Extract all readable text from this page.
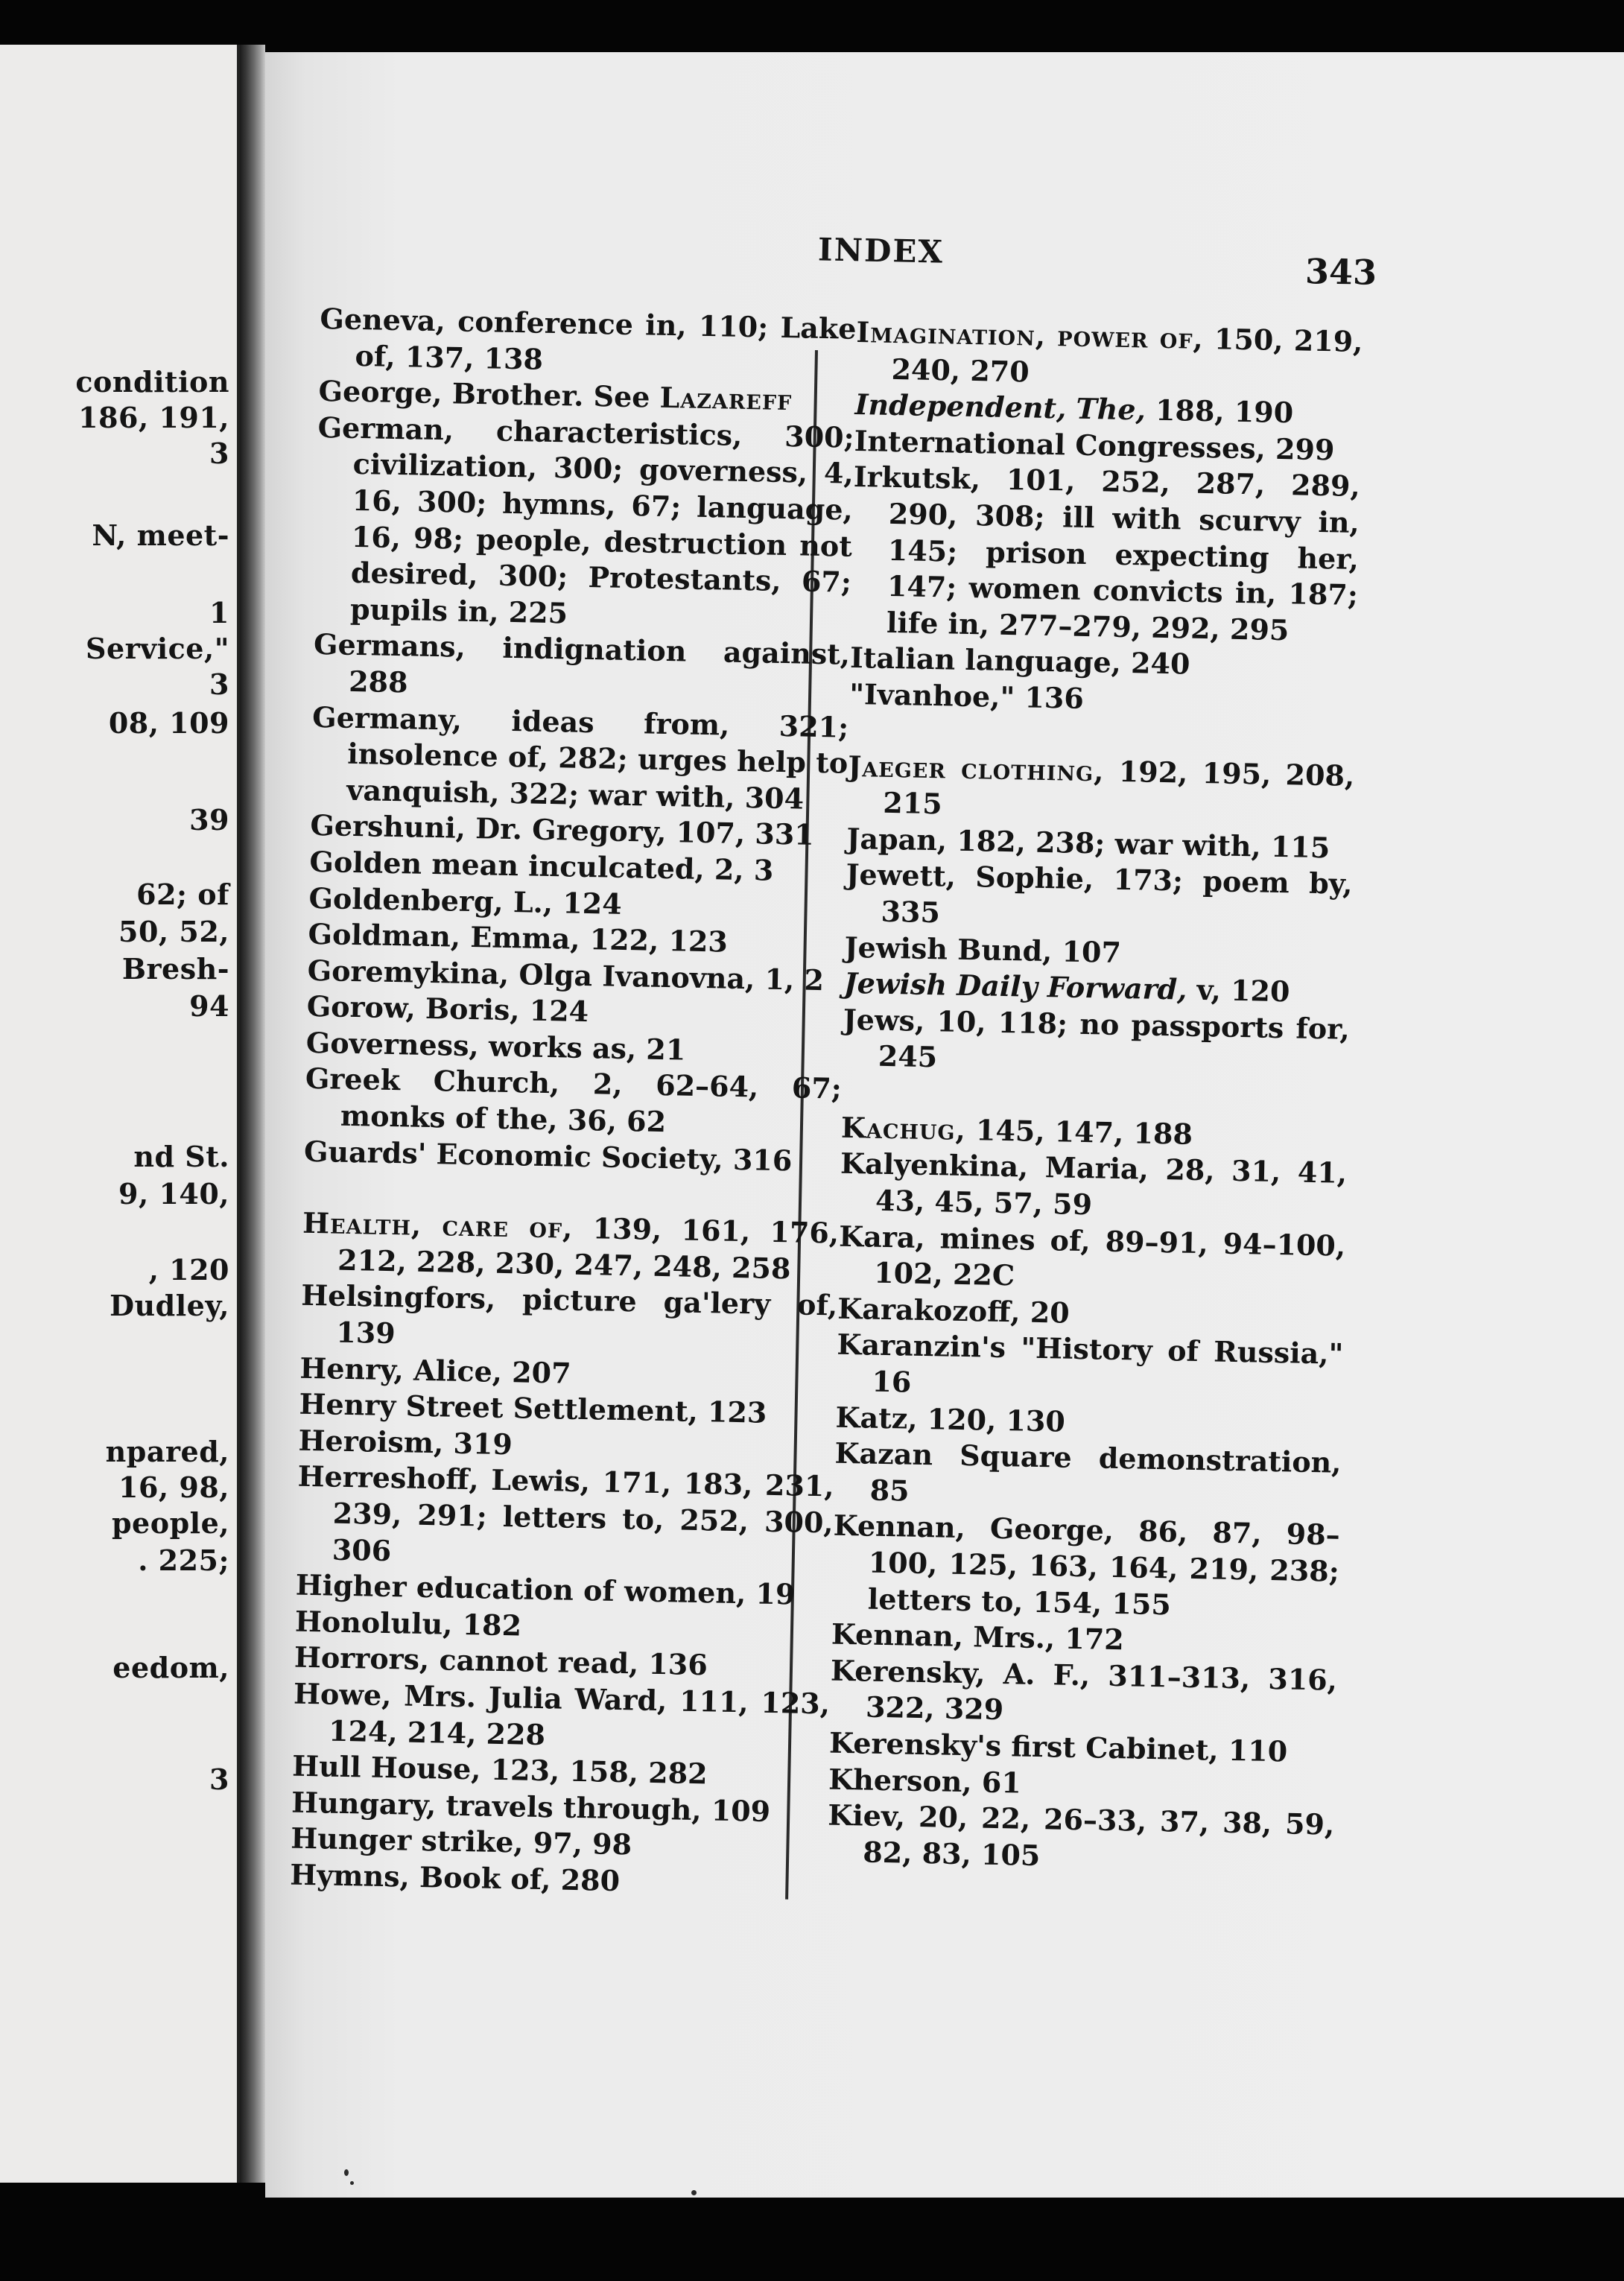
condition
186, 191,
3
N, meet-
1
Service,"
3
08, 109
39
62; of
50, 52,
Bresh-
94
nd St.
9, 140,
, 120
Dudley,
npared,
16, 98,
people,
. 225;
eedom,
3
INDEX
343

Geneva, conference in, 110; Lake of, 137, 138

George, Brother. See Lazareff

German, characteristics, 300; civilization, 300; governess, 4, 16, 300; hymns, 67; language, 16, 98; people, destruction not desired, 300; Protestants, 67; pupils in, 225

Germans, indignation against, 288

Germany, ideas from, 321; insolence of, 282; urges help to vanquish, 322; war with, 304

Gershuni, Dr. Gregory, 107, 331

Golden mean inculcated, 2, 3

Goldenberg, L., 124

Goldman, Emma, 122, 123

Goremykina, Olga Ivanovna, 1, 2

Gorow, Boris, 124

Governess, works as, 21

Greek Church, 2, 62–64, 67; monks of the, 36, 62

Guards' Economic Society, 316

Health, care of, 139, 161, 176, 212, 228, 230, 247, 248, 258

Helsingfors, picture ga'lery of, 139

Henry, Alice, 207

Henry Street Settlement, 123

Heroism, 319

Herreshoff, Lewis, 171, 183, 231, 239, 291; letters to, 252, 300, 306

Higher education of women, 19

Honolulu, 182

Horrors, cannot read, 136

Howe, Mrs. Julia Ward, 111, 123, 124, 214, 228

Hull House, 123, 158, 282

Hungary, travels through, 109

Hunger strike, 97, 98

Hymns, Book of, 280

Imagination, power of, 150, 219, 240, 270

Independent, The, 188, 190

International Congresses, 299

Irkutsk, 101, 252, 287, 289, 290, 308; ill with scurvy in, 145; prison expecting her, 147; women convicts in, 187; life in, 277–279, 292, 295

Italian language, 240

"Ivanhoe," 136

Jaeger clothing, 192, 195, 208, 215

Japan, 182, 238; war with, 115

Jewett, Sophie, 173; poem by, 335

Jewish Bund, 107

Jewish Daily Forward, v, 120

Jews, 10, 118; no passports for, 245

Kachug, 145, 147, 188

Kalyenkina, Maria, 28, 31, 41, 43, 45, 57, 59

Kara, mines of, 89–91, 94–100, 102, 22C

Karakozoff, 20

Karanzin's "History of Russia," 16

Katz, 120, 130

Kazan Square demonstration, 85

Kennan, George, 86, 87, 98–100, 125, 163, 164, 219, 238; letters to, 154, 155

Kennan, Mrs., 172

Kerensky, A. F., 311–313, 316, 322, 329

Kerensky's first Cabinet, 110

Kherson, 61

Kiev, 20, 22, 26–33, 37, 38, 59, 82, 83, 105
